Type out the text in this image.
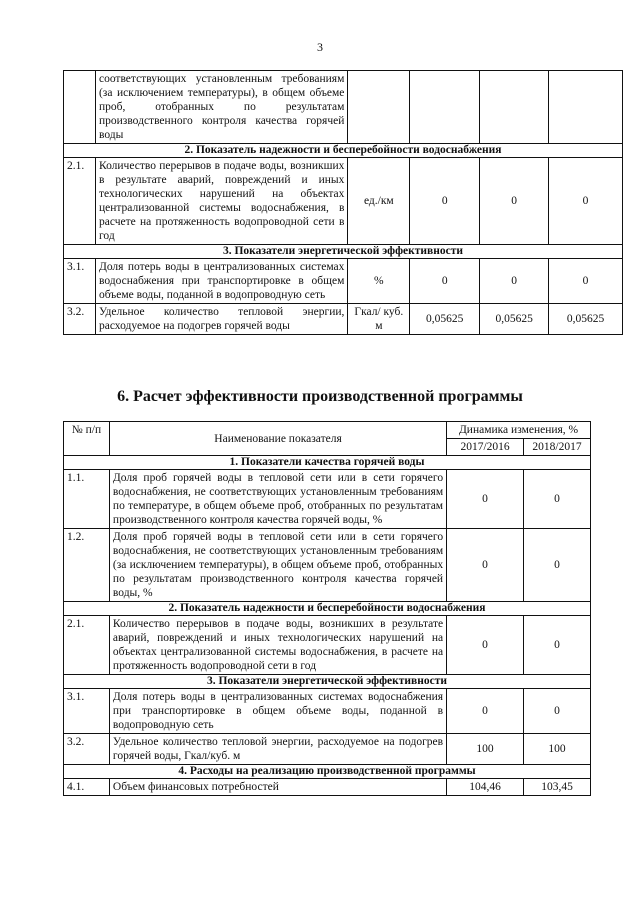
3
	соответствующих установленным требованиям (за исключением температуры), в общем объеме проб, отобранных по результатам производственного контроля качества горячей воды				
2. Показатель надежности и бесперебойности водоснабжения					
2.1.	Количество перерывов в подаче воды, возникших в результате аварий, повреждений и иных технологических нарушений на объектах централизованной системы водоснабжения, в расчете на протяженность водопроводной сети в год	ед./км	0	0	0
3. Показатели энергетической эффективности					
3.1.	Доля потерь воды в централизованных системах водоснабжения при транспортировке в общем объеме воды, поданной в водопроводную сеть	%	0	0	0
3.2.	Удельное количество тепловой энергии, расходуемое на подогрев горячей воды	Гкал/ куб. м	0,05625	0,05625	0,05625
6. Расчет эффективности производственной программы
№ п/п	Наименование показателя	Динамика изменения, %	
		2017/2016	2018/2017
1. Показатели качества горячей воды			
1.1.	Доля проб горячей воды в тепловой сети или в сети горячего водоснабжения, не соответствующих установленным требованиям по температуре, в общем объеме проб, отобранных по результатам производственного контроля качества горячей воды, %	0	0
1.2.	Доля проб горячей воды в тепловой сети или в сети горячего водоснабжения, не соответствующих установленным требованиям (за исключением температуры), в общем объеме проб, отобранных по результатам производственного контроля качества горячей воды, %	0	0
2. Показатель надежности и бесперебойности водоснабжения			
2.1.	Количество перерывов в подаче воды, возникших в результате аварий, повреждений и иных технологических нарушений на объектах централизованной системы водоснабжения, в расчете на протяженность водопроводной сети в год	0	0
3. Показатели энергетической эффективности			
3.1.	Доля потерь воды в централизованных системах водоснабжения при транспортировке в общем объеме воды, поданной в водопроводную сеть	0	0
3.2.	Удельное количество тепловой энергии, расходуемое на подогрев горячей воды, Гкал/куб. м	100	100
4. Расходы на реализацию производственной программы			
4.1.	Объем финансовых потребностей	104,46	103,45
